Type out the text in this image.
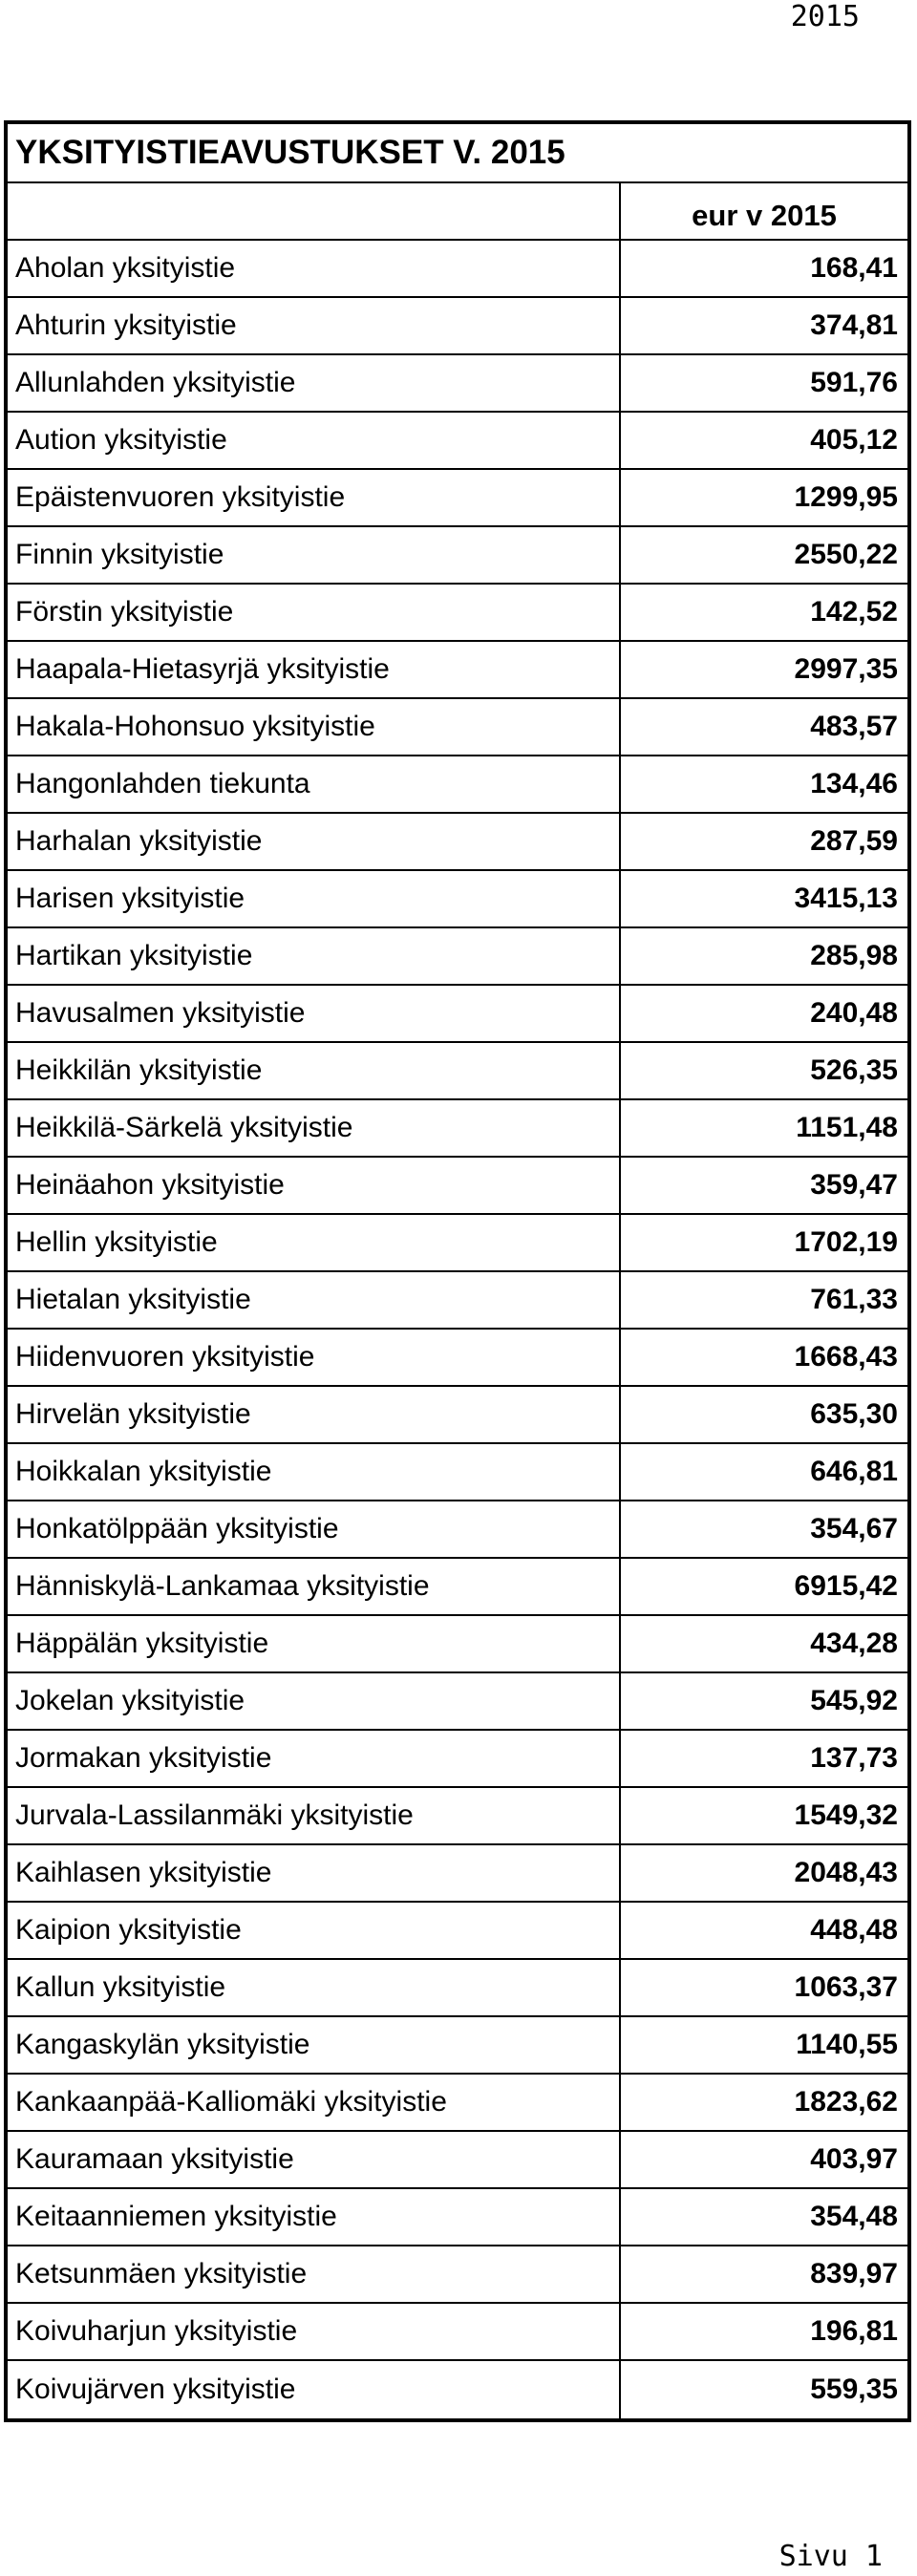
2015
YKSITYISTIEAVUSTUKSET V. 2015
eur v 2015
Aholan yksityistie	168,41
Ahturin yksityistie	374,81
Allunlahden yksityistie	591,76
Aution yksityistie	405,12
Epäistenvuoren yksityistie	1299,95
Finnin yksityistie	2550,22
Förstin yksityistie	142,52
Haapala-Hietasyrjä yksityistie	2997,35
Hakala-Hohonsuo yksityistie	483,57
Hangonlahden tiekunta	134,46
Harhalan yksityistie	287,59
Harisen yksityistie	3415,13
Hartikan yksityistie	285,98
Havusalmen yksityistie	240,48
Heikkilän yksityistie	526,35
Heikkilä-Särkelä yksityistie	1151,48
Heinäahon yksityistie	359,47
Hellin yksityistie	1702,19
Hietalan yksityistie	761,33
Hiidenvuoren yksityistie	1668,43
Hirvelän yksityistie	635,30
Hoikkalan yksityistie	646,81
Honkatölppään yksityistie	354,67
Hänniskylä-Lankamaa yksityistie	6915,42
Häppälän yksityistie	434,28
Jokelan yksityistie	545,92
Jormakan yksityistie	137,73
Jurvala-Lassilanmäki yksityistie	1549,32
Kaihlasen yksityistie	2048,43
Kaipion yksityistie	448,48
Kallun yksityistie	1063,37
Kangaskylän yksityistie	1140,55
Kankaanpää-Kalliomäki yksityistie	1823,62
Kauramaan yksityistie	403,97
Keitaanniemen yksityistie	354,48
Ketsunmäen yksityistie	839,97
Koivuharjun yksityistie	196,81
Koivujärven yksityistie	559,35
Sivu 1
